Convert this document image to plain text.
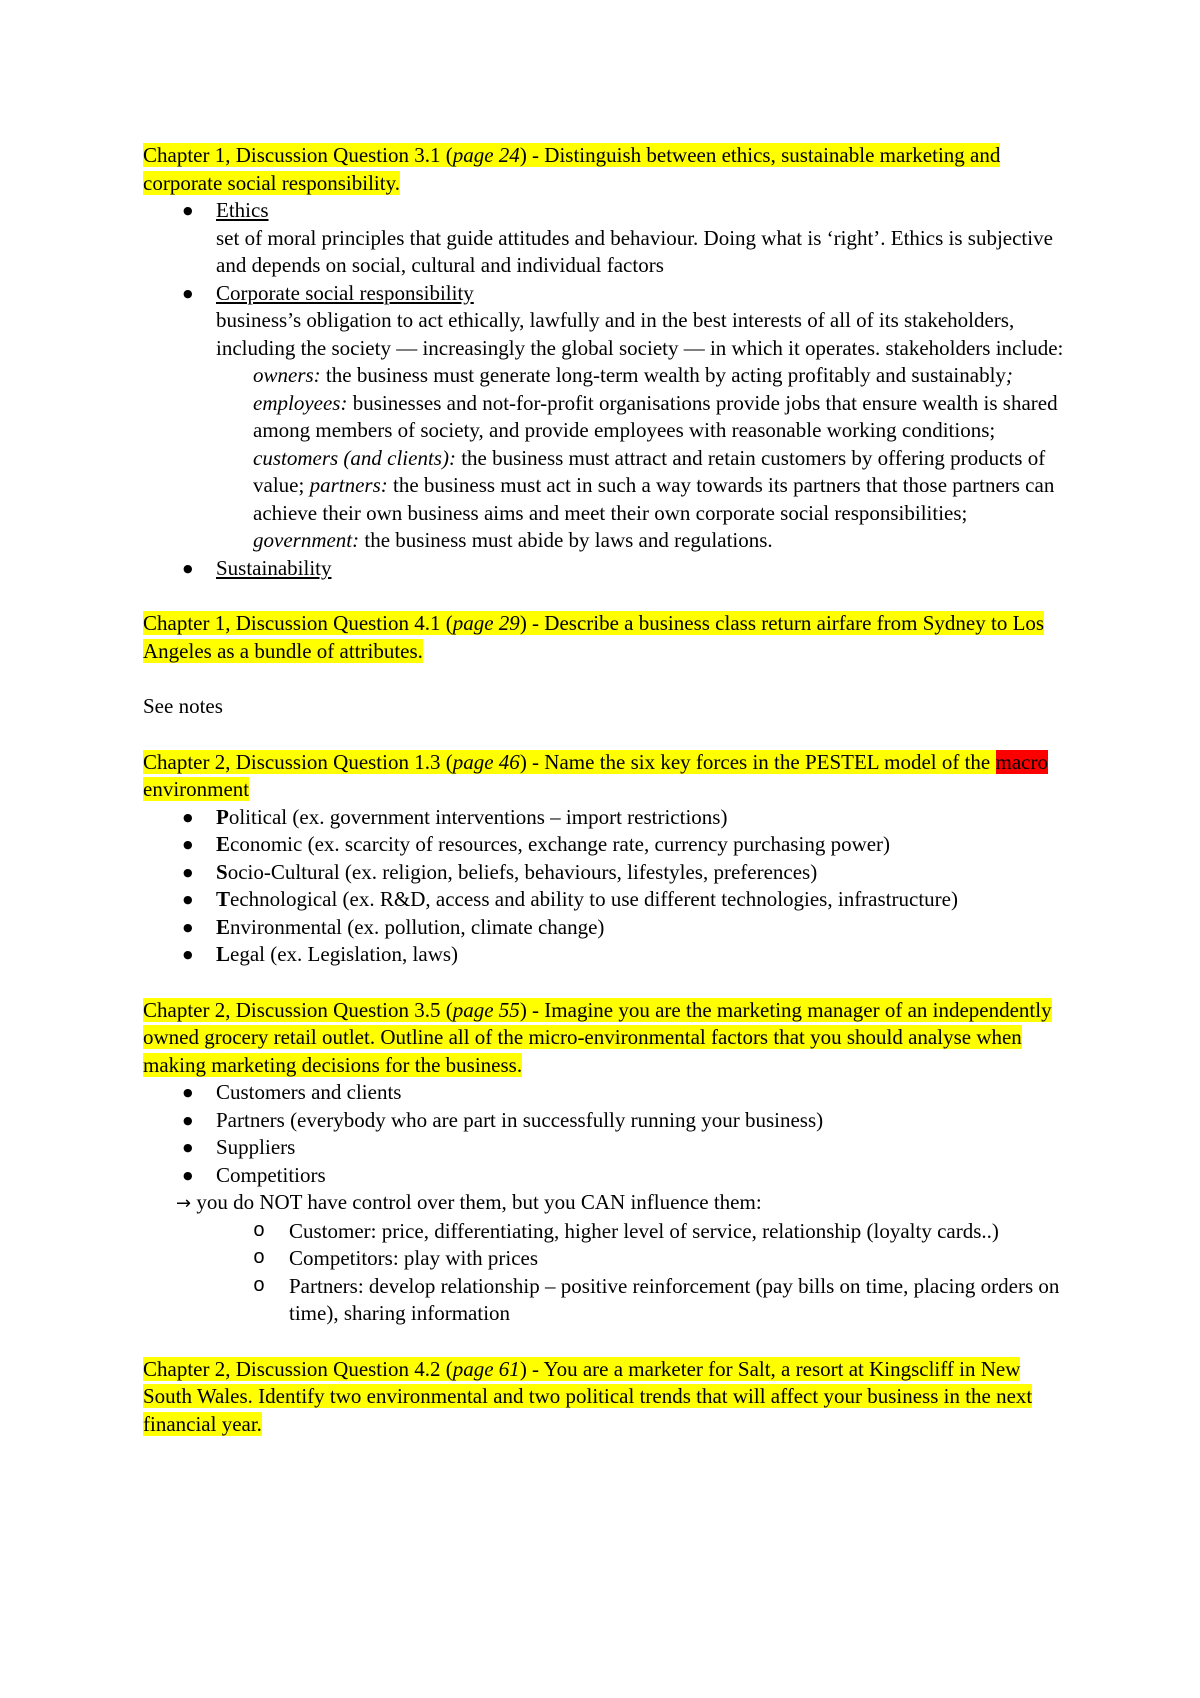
Chapter 1, Discussion Question 3.1 (page 24) - Distinguish between ethics, sustainable marketing and corporate social responsibility.

● Ethics
set of moral principles that guide attitudes and behaviour. Doing what is ‘right’. Ethics is subjective and depends on social, cultural and individual factors
● Corporate social responsibility
business’s obligation to act ethically, lawfully and in the best interests of all of its stakeholders, including the society — increasingly the global society — in which it operates. stakeholders include:
owners: the business must generate long-term wealth by acting profitably and sustainably; employees: businesses and not-for-profit organisations provide jobs that ensure wealth is shared among members of society, and provide employees with reasonable working conditions; customers (and clients): the business must attract and retain customers by offering products of value; partners: the business must act in such a way towards its partners that those partners can achieve their own business aims and meet their own corporate social responsibilities; government: the business must abide by laws and regulations.
● Sustainability

Chapter 1, Discussion Question 4.1 (page 29) - Describe a business class return airfare from Sydney to Los Angeles as a bundle of attributes.

See notes

Chapter 2, Discussion Question 1.3 (page 46) - Name the six key forces in the PESTEL model of the macro environment

● Political (ex. government interventions – import restrictions)
● Economic (ex. scarcity of resources, exchange rate, currency purchasing power)
● Socio-Cultural (ex. religion, beliefs, behaviours, lifestyles, preferences)
● Technological (ex. R&D, access and ability to use different technologies, infrastructure)
● Environmental (ex. pollution, climate change)
● Legal (ex. Legislation, laws)

Chapter 2, Discussion Question 3.5 (page 55) - Imagine you are the marketing manager of an independently owned grocery retail outlet. Outline all of the micro-environmental factors that you should analyse when making marketing decisions for the business.

● Customers and clients
● Partners (everybody who are part in successfully running your business)
● Suppliers
● Competitiors
→ you do NOT have control over them, but you CAN influence them:
o Customer: price, differentiating, higher level of service, relationship (loyalty cards..)
o Competitors: play with prices
o Partners: develop relationship – positive reinforcement (pay bills on time, placing orders on time), sharing information

Chapter 2, Discussion Question 4.2 (page 61) - You are a marketer for Salt, a resort at Kingscliff in New South Wales. Identify two environmental and two political trends that will affect your business in the next financial year.
